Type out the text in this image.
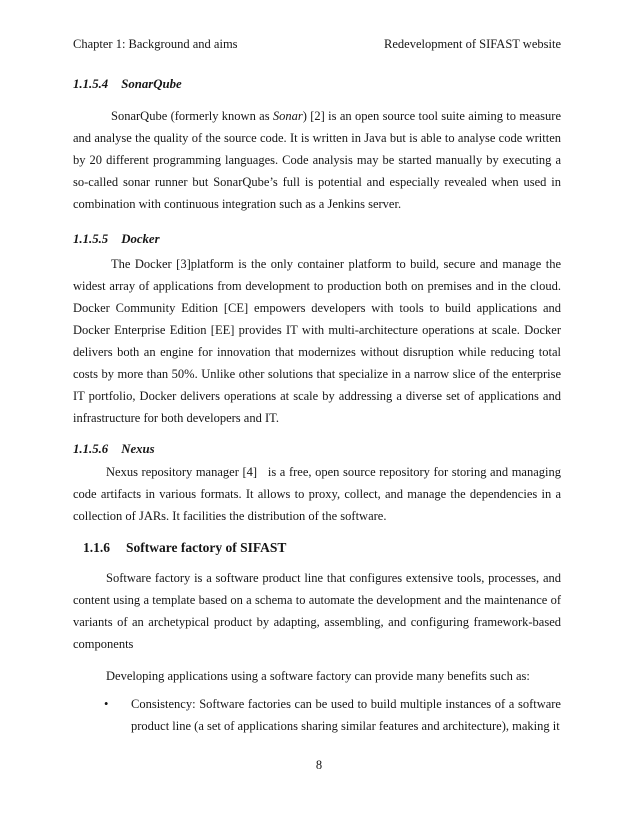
Chapter 1: Background and aims	Redevelopment of SIFAST website
1.1.5.4 SonarQube

SonarQube (formerly known as Sonar) [2] is an open source tool suite aiming to measure and analyse the quality of the source code. It is written in Java but is able to analyse code written by 20 different programming languages. Code analysis may be started manually by executing a so-called sonar runner but SonarQube’s full is potential and especially revealed when used in combination with continuous integration such as a Jenkins server.

1.1.5.5 Docker

The Docker [3]platform is the only container platform to build, secure and manage the widest array of applications from development to production both on premises and in the cloud. Docker Community Edition [CE] empowers developers with tools to build applications and Docker Enterprise Edition [EE] provides IT with multi-architecture operations at scale. Docker delivers both an engine for innovation that modernizes without disruption while reducing total costs by more than 50%. Unlike other solutions that specialize in a narrow slice of the enterprise IT portfolio, Docker delivers operations at scale by addressing a diverse set of applications and infrastructure for both developers and IT.

1.1.5.6 Nexus

Nexus repository manager [4]   is a free, open source repository for storing and managing code artifacts in various formats. It allows to proxy, collect, and manage the dependencies in a collection of JARs. It facilities the distribution of the software.

1.1.6 Software factory of SIFAST

Software factory is a software product line that configures extensive tools, processes, and content using a template based on a schema to automate the development and the maintenance of variants of an archetypical product by adapting, assembling, and configuring framework-based components

Developing applications using a software factory can provide many benefits such as:

• Consistency: Software factories can be used to build multiple instances of a software product line (a set of applications sharing similar features and architecture), making it
8
